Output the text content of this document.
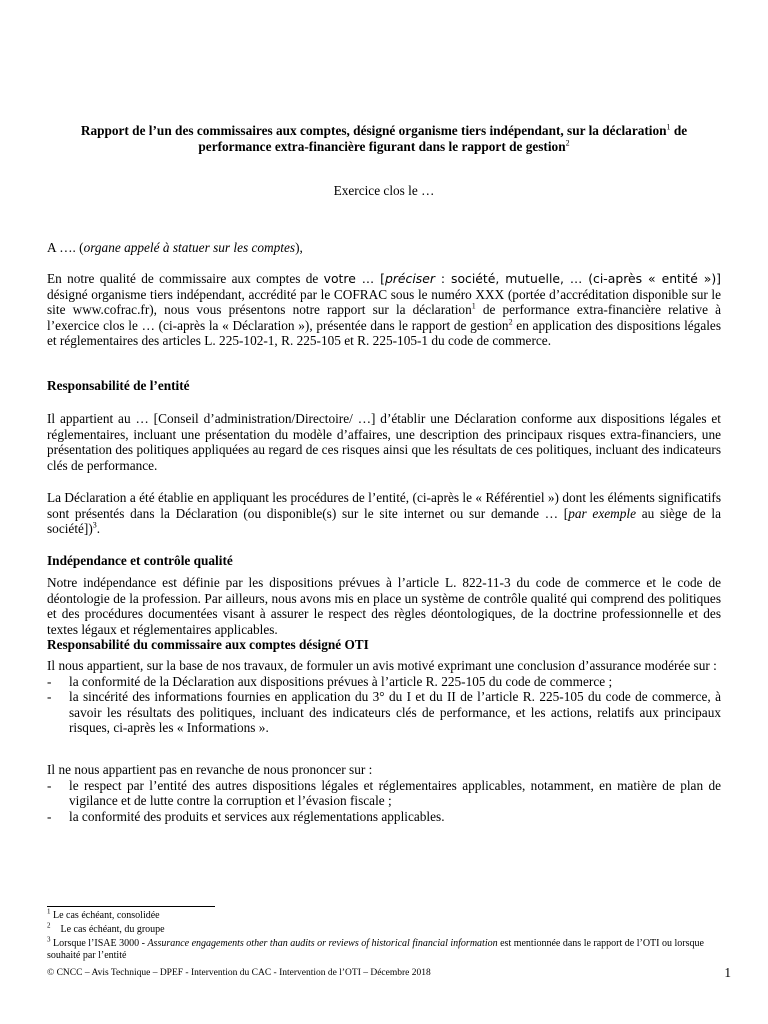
Rapport de l’un des commissaires aux comptes, désigné organisme tiers indépendant, sur la déclaration$^1$ de
performance extra-financière figurant dans le rapport de gestion$^2$
Exercice clos le …

A …. (organe appelé à statuer sur les comptes),

En notre qualité de commissaire aux comptes de votre … [préciser : société, mutuelle, … (ci-après « entité »)] désigné organisme tiers indépendant, accrédité par le COFRAC sous le numéro XXX (portée d’accréditation disponible sur le site www.cofrac.fr), nous vous présentons notre rapport sur la déclaration$^1$ de performance extra-financière relative à l’exercice clos le … (ci-après la « Déclaration »), présentée dans le rapport de gestion$^2$ en application des dispositions légales et réglementaires des articles L. 225-102-1, R. 225-105 et R. 225-105-1 du code de commerce.

Responsabilité de l’entité

Il appartient au … [Conseil d’administration/Directoire/ …] d’établir une Déclaration conforme aux dispositions légales et réglementaires, incluant une présentation du modèle d’affaires, une description des principaux risques extra-financiers, une présentation des politiques appliquées au regard de ces risques ainsi que les résultats de ces politiques, incluant des indicateurs clés de performance.

La Déclaration a été établie en appliquant les procédures de l’entité, (ci-après le « Référentiel ») dont les éléments significatifs sont présentés dans la Déclaration (ou disponible(s) sur le site internet ou sur demande … [par exemple au siège de la société])$^3$.

Indépendance et contrôle qualité

Notre indépendance est définie par les dispositions prévues à l’article L. 822-11-3 du code de commerce et le code de déontologie de la profession. Par ailleurs, nous avons mis en place un système de contrôle qualité qui comprend des politiques et des procédures documentées visant à assurer le respect des règles déontologiques, de la doctrine professionnelle et des textes légaux et réglementaires applicables.

Responsabilité du commissaire aux comptes désigné OTI

Il nous appartient, sur la base de nos travaux, de formuler un avis motivé exprimant une conclusion d’assurance modérée sur :

- la conformité de la Déclaration aux dispositions prévues à l’article R. 225-105 du code de commerce ;
- la sincérité des informations fournies en application du 3° du I et du II de l’article R. 225-105 du code de commerce, à savoir les résultats des politiques, incluant des indicateurs clés de performance, et les actions, relatifs aux principaux risques, ci-après les « Informations ».

Il ne nous appartient pas en revanche de nous prononcer sur :

- le respect par l’entité des autres dispositions légales et réglementaires applicables, notamment, en matière de plan de vigilance et de lutte contre la corruption et l’évasion fiscale ;
- la conformité des produits et services aux réglementations applicables.
$^1$ Le cas échéant, consolidée
$^2$    Le cas échéant, du groupe
$^3$ Lorsque l’ISAE 3000 - Assurance engagements other than audits or reviews of historical financial information est mentionnée dans le rapport de l’OTI ou lorsque souhaité par l’entité
© CNCC – Avis Technique – DPEF - Intervention du CAC - Intervention de l’OTI – Décembre 2018	1
